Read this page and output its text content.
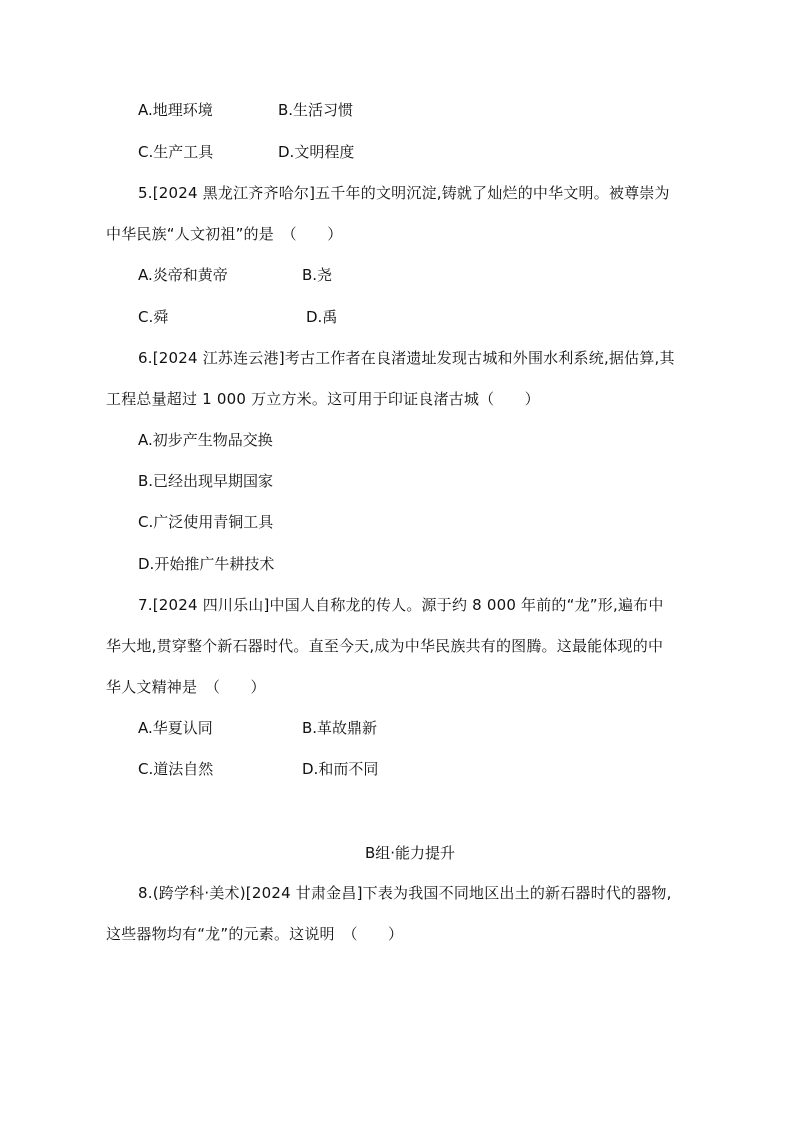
A.地理环境	B.生活习惯
C.生产工具	D.文明程度
5.[2024 黑龙江齐齐哈尔]五千年的文明沉淀,铸就了灿烂的中华文明。被尊崇为
中华民族“人文初祖”的是　（　　）
A.炎帝和黄帝	B.尧
C.舜	D.禹
6.[2024 江苏连云港]考古工作者在良渚遗址发现古城和外围水利系统,据估算,其
工程总量超过 1 000 万立方米。这可用于印证良渚古城（　　）
A.初步产生物品交换
B.已经出现早期国家
C.广泛使用青铜工具
D.开始推广牛耕技术
7.[2024 四川乐山]中国人自称龙的传人。源于约 8 000 年前的“龙”形,遍布中
华大地,贯穿整个新石器时代。直至今天,成为中华民族共有的图腾。这最能体现的中
华人文精神是　（　　）
A.华夏认同	B.革故鼎新
C.道法自然	D.和而不同
B组·能力提升
8.(跨学科·美术)[2024 甘肃金昌]下表为我国不同地区出土的新石器时代的器物,
这些器物均有“龙”的元素。这说明　（　　）
